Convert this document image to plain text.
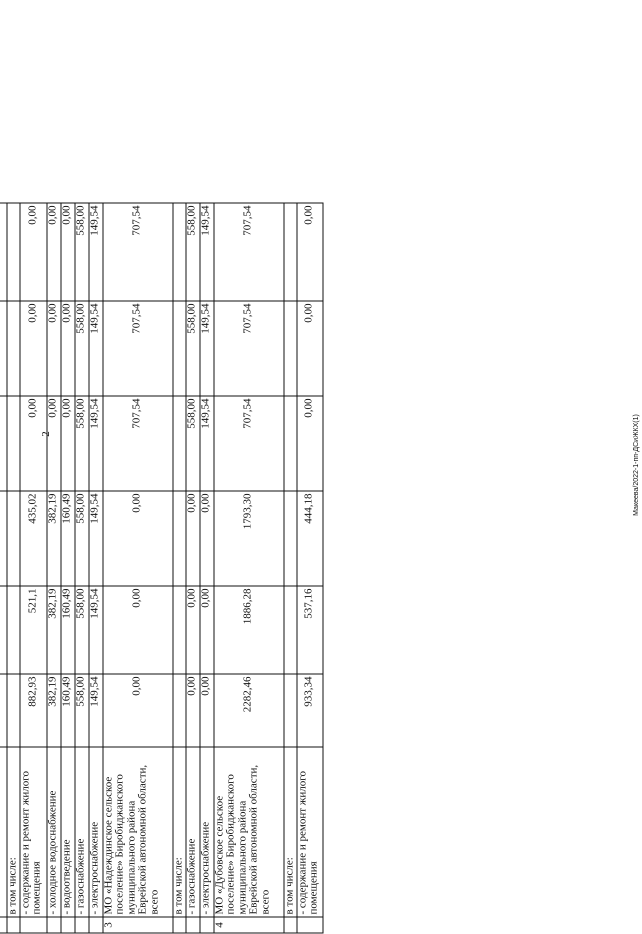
2	Макеева/2022-1-пп-ДСиЖКХ(1)

	в том числе:						
	- содержание и ремонт жилого помещения	882,93	521,1	435,02	0,00	0,00	0,00
	- холодное водоснабжение	382,19	382,19	382,19	0,00	0,00	0,00
	- водоотведение	160,49	160,49	160,49	0,00	0,00	0,00
	- газоснабжение	558,00	558,00	558,00	558,00	558,00	558,00
	- электроснабжение	149,54	149,54	149,54	149,54	149,54	149,54
3	МО «Надеждинское сельское поселение» Биробиджанского муниципального района Еврейской автономной области, всего	0,00	0,00	0,00	707,54	707,54	707,54
	в том числе:						
	- газоснабжение	0,00	0,00	0,00	558,00	558,00	558,00
	- электроснабжение	0,00	0,00	0,00	149,54	149,54	149,54
4	МО «Дубовское сельское поселение» Биробиджанского муниципального района Еврейской автономной области, всего	2282,46	1886,28	1793,30	707,54	707,54	707,54
	в том числе:						
	- содержание и ремонт жилого помещения	933,34	537,16	444,18	0,00	0,00	0,00
